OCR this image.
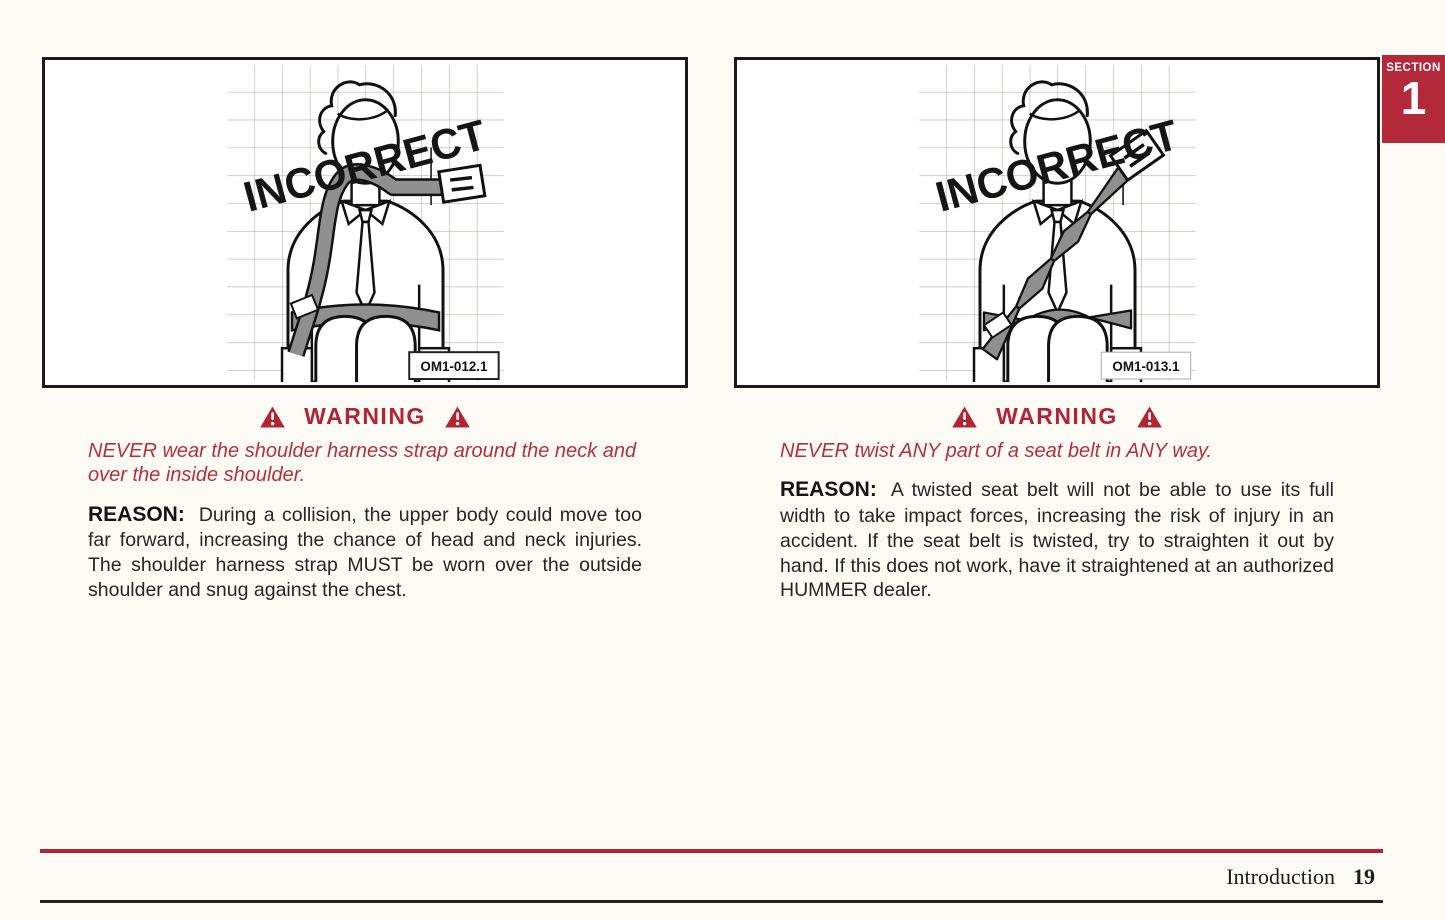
INCORRECT
OM1-012.1
WARNING

NEVER wear the shoulder harness strap around the neck and over the inside shoulder.

REASON: During a collision, the upper body could move too far forward, increasing the chance of head and neck injuries. The shoulder harness strap MUST be worn over the outside shoulder and snug against the chest.

INCORRECT
OM1-013.1
WARNING

NEVER twist ANY part of a seat belt in ANY way.

REASON: A twisted seat belt will not be able to use its full width to take impact forces, increasing the risk of injury in an accident. If the seat belt is twisted, try to straighten it out by hand. If this does not work, have it straightened at an authorized HUMMER dealer.

SECTION
1
Introduction 19
